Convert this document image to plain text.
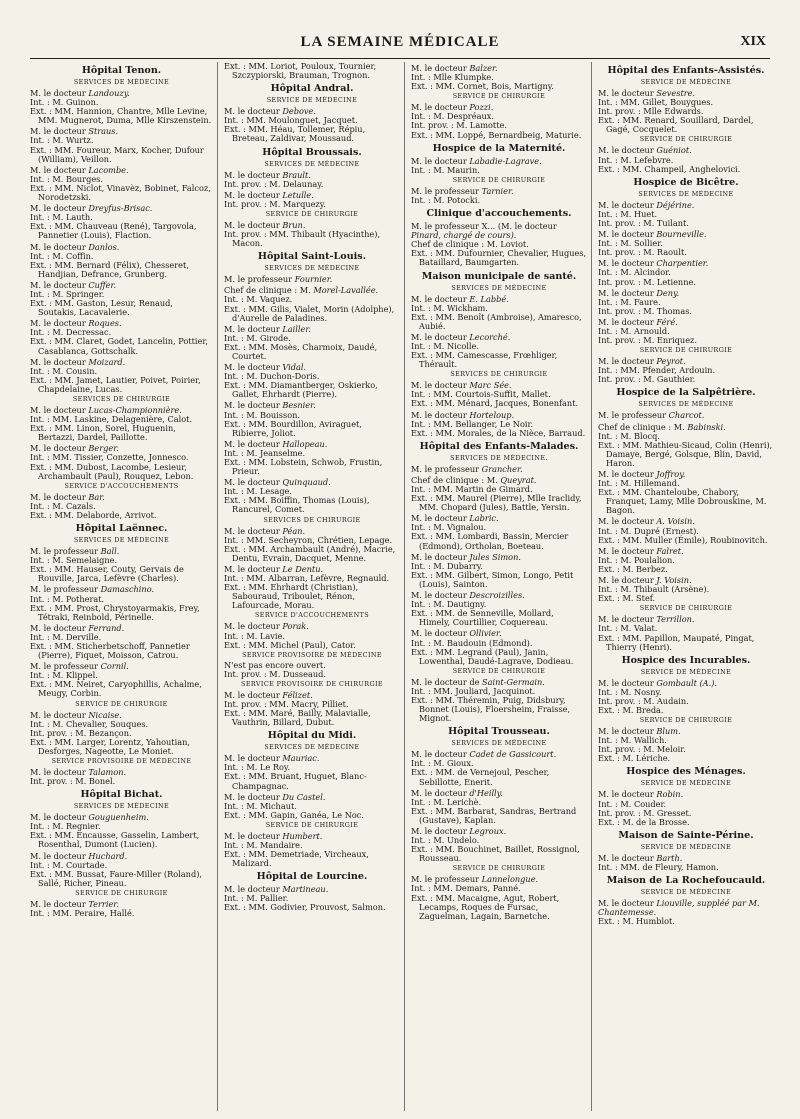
LA SEMAINE MÉDICALE	XIX
Hôpital Tenon.
SERVICES DE MÉDECINE
M. le docteur Landouzy.
Int. : M. Guinon.
Ext. : MM. Hannion, Chantre, Mlle Levine, MM. Mugnerot, Duma, Mlle Kirszenstein.
M. le docteur Straus.
Int. : M. Wurtz.
Ext. : MM. Foureur, Marx, Kocher, Dufour (William), Veillon.
M. le docteur Lacombe.
Int. : M. Bourges.
Ext. : MM. Niclot, Vinavèz, Bobinet, Falcoz, Norodetzski.
M. le docteur Dreyfus-Brisac.
Int. : M. Lauth.
Ext. : MM. Chauveau (René), Targovola, Pannetier (Louis), Flaction.
M. le docteur Danlos.
Int. : M. Coffin.
Ext. : MM. Bernard (Félix), Chesseret, Handjian, Defrance, Grunberg.
M. le docteur Cuffer.
Int. : M. Springer.
Ext. : MM. Gaston, Lesur, Renaud, Soutakis, Lacavalerie.
M. le docteur Roques.
Int. : M. Decressac.
Ext. : MM. Claret, Godet, Lancelin, Pottier, Casablanca, Gottschalk.
M. le docteur Moizard.
Int. : M. Cousin.
Ext. : MM. Jamet, Lautier, Poivet, Poirier, Chapdelaine, Lucas.
SERVICES DE CHIRURGIE
M. le docteur Lucas-Championnière.
Int. : MM. Laskine, Delagenière, Calot.
Ext. : MM. Linon, Sorel, Huguenin, Bertazzi, Dardel, Paillotte.
M. le docteur Berger.
Int. : MM. Tissier, Conzette, Jonnesco.
Ext. : MM. Dubost, Lacombe, Lesieur, Archambault (Paul), Rouquez, Lebon.
SERVICE D'ACCOUCHEMENTS
M. le docteur Bar.
Int. : M. Cazals.
Ext. : MM. Delaborde, Arrivot.
Hôpital Laënnec.
SERVICES DE MÉDECINE
M. le professeur Ball.
Int. : M. Semelaigne.
Ext. : MM. Hauser, Couty, Gervais de Rouville, Jarca, Lefèvre (Charles).
M. le professeur Damaschino.
Int. : M. Potherat.
Ext. : MM. Prost, Chrystoyarmakis, Frey, Tétraki, Reinbold, Périnelle.
M. le docteur Ferrand.
Int. : M. Derville.
Ext. : MM. Sticherbetschoff, Pannetier (Pierre), Fiquet, Moisson, Catrou.
M. le professeur Cornil.
Int. : M. Klippel.
Ext. : MM. Neiret, Caryophillis, Achalme, Meugy, Corbin.
SERVICE DE CHIRURGIE
M. le docteur Nicaise.
Int. : M. Chevalier, Souques.
Int. prov. : M. Bezançon.
Ext. : MM. Larger, Lorentz, Yahoutian, Desforges, Nageotte, Le Moniet.
SERVICE PROVISOIRE DE MÉDECINE
M. le docteur Talamon.
Int. prov. : M. Bonel.
Hôpital Bichat.
SERVICES DE MÉDECINE
M. le docteur Gouguenheim.
Int. : M. Regnier.
Ext. : MM. Encausse, Gasselin, Lambert, Rosenthal, Dumont (Lucien).
M. le docteur Huchard.
Int. : M. Courtade.
Ext. : MM. Bussat, Faure-Miller (Roland), Sallé, Richer, Pineau.
SERVICE DE CHIRURGIE
M. le docteur Terrier.
Int. : MM. Peraire, Hallé.
Ext. : MM. Loriot, Pouloux, Tournier, Szczypiorski, Brauman, Trognon.
Hôpital Andral.
SERVICE DE MÉDECINE
M. le docteur Debove.
Int. : MM. Moulonguet, Jacquet.
Ext. : MM. Héau, Tollemer, Répiu, Breteau, Zaldivar, Moussaud.
Hôpital Broussais.
SERVICES DE MÉDECINE
M. le docteur Brault.
Int. prov. : M. Delaunay.
M. le docteur Letulle.
Int. prov. : M. Marquezy.
SERVICE DE CHIRURGIE
M. le docteur Brun.
Int. prov. : MM. Thibault (Hyacinthe), Macon.
Hôpital Saint-Louis.
SERVICES DE MÉDECINE
M. le professeur Fournier.
Chef de clinique : M. Morel-Lavallée.
Int. : M. Vaquez.
Ext. : MM. Gilis, Vialet, Morin (Adolphe), d'Aurelle de Paladines.
M. le docteur Lailler.
Int. : M. Girode.
Ext. : MM. Mosès, Charmoix, Daudé, Courtet.
M. le docteur Vidal.
Int. : M. Duchon-Doris.
Ext. : MM. Diamantberger, Oskierko, Gallet, Ehrhardt (Pierre).
M. le docteur Besnier.
Int. : M. Bouisson.
Ext. : MM. Bourdillon, Aviraguet, Ribierre, Joliot.
M. le docteur Hallopeau.
Int. : M. Jeanselme.
Ext. : MM. Lobstein, Schwob, Frustin, Prieur.
M. le docteur Quinquaud.
Int. : M. Lesage.
Ext. : MM. Boiffin, Thomas (Louis), Rancurel, Comet.
SERVICES DE CHIRURGIE
M. le docteur Péan.
Int. : MM. Secheyron, Chrétien, Lepage.
Ext. : MM. Archambault (André), Macrie, Dentu, Evrain, Dacquet, Menne.
M. le docteur Le Dentu.
Int. : MM. Albarran, Lefèvre, Regnauld.
Ext. : MM. Ehrhardt (Christian), Sabouraud, Triboulet, Rénon, Lafourcade, Morau.
SERVICE D'ACCOUCHEMENTS
M. le docteur Porak.
Int. : M. Lavie.
Ext. : MM. Michel (Paul), Cator.
SERVICE PROVISOIRE DE MÉDECINE
N'est pas encore ouvert.
Int. prov. : M. Dusseaud.
SERVICE PROVISOIRE DE CHIRURGIE
M. le docteur Félizet.
Int. prov. : MM. Macry, Pilliet.
Ext. : MM. Maré, Bailly, Malavialle, Vauthrin, Billard, Dubut.
Hôpital du Midi.
SERVICES DE MÉDECINE
M. le docteur Mauriac.
Int. : M. Le Roy.
Ext. : MM. Bruant, Huguet, Blanc-Champagnac.
M. le docteur Du Castel.
Int. : M. Michaut.
Ext. : MM. Gapin, Ganéa, Le Noc.
SERVICE DE CHIRURGIE
M. le docteur Humbert.
Int. : M. Mandaire.
Ext. : MM. Demetriade, Vircheaux, Malizard.
Hôpital de Lourcine.
M. le docteur Martineau.
Int. : M. Pallier.
Ext. : MM. Godivier, Prouvost, Salmon.
M. le docteur Balzer.
Int. : Mlle Klumpke.
Ext. : MM. Cornet, Bois, Martigny.
SERVICE DE CHIRURGIE
M. le docteur Pozzi.
Int. : M. Despréaux.
Int. prov. : M. Lamotte.
Ext. : MM. Loppé, Bernardbeig, Maturie.
Hospice de la Maternité.
M. le docteur Labadie-Lagrave.
Int. : M. Maurin.
SERVICE DE CHIRURGIE
M. le professeur Tarnier.
Int. : M. Potocki.
Clinique d'accouchements.
M. le professeur X... (M. le docteur Pinard, chargé de cours).
Chef de clinique : M. Loviot.
Ext. : MM. Dufournier, Chevalier, Hugues, Bataillard, Baumgarten.
Maison municipale de santé.
SERVICES DE MÉDECINE
M. le docteur E. Labbé.
Int. : M. Wickham.
Ext. : MM. Benoît (Ambroise), Amaresco, Aubié.
M. le docteur Lecorché.
Int. : M. Nicolle.
Ext. : MM. Camescasse, Frœhliger, Thérault.
SERVICES DE CHIRURGIE
M. le docteur Marc Sée.
Int. : MM. Courtois-Suffit, Mallet.
Ext. : MM. Ménard, Jacques, Bonenfant.
M. le docteur Horteloup.
Int. : MM. Bellanger, Le Noir.
Ext. : MM. Morales, de la Nièce, Barraud.
Hôpital des Enfants-Malades.
SERVICES DE MÉDECINE.
M. le professeur Grancher.
Chef de clinique : M. Queyrat.
Int. : MM. Martin de Gimard.
Ext. : MM. Maurel (Pierre), Mlle Iraclidy, MM. Chopard (Jules), Battle, Yersin.
M. le docteur Labric.
Int. : M. Vignalou.
Ext. : MM. Lombardi, Bassin, Mercier (Edmond), Ortholan, Boeteau.
M. le docteur Jules Simon.
Int. : M. Dubarry.
Ext. : MM. Gilbert, Simon, Longo, Petit (Louis), Sainton.
M. le docteur Descroizilles.
Int. : M. Dautigny.
Ext. : MM. de Senneville, Mollard, Himely, Courtillier, Coquereau.
M. le docteur Ollivier.
Int. : M. Baudouin (Edmond).
Ext. : MM. Legrand (Paul), Janin, Lowenthal, Daudé-Lagrave, Dodieau.
SERVICE DE CHIRURGIE
M. le docteur de Saint-Germain.
Int. : MM. Jouliard, Jacquinot.
Ext. : MM. Théremin, Puig, Didsbury, Bonnet (Louis), Floersheim, Fraisse, Mignot.
Hôpital Trousseau.
SERVICES DE MÉDECINE
M. le docteur Cadet de Gassicourt.
Int. : M. Gioux.
Ext. : MM. de Vernejoul, Pescher, Sebillotte, Enerit.
M. le docteur d'Heilly.
Int. : M. Lerichè.
Ext. : MM. Barbarat, Sandras, Bertrand (Gustave), Kaplan.
M. le docteur Legroux.
Int. : M. Undelo.
Ext. : MM. Bouchinet, Baillet, Rossignol, Rousseau.
SERVICE DE CHIRURGIE
M. le professeur Lannelongue.
Int. : MM. Demars, Panné.
Ext. : MM. Macaigne, Agut, Robert, Lecamps, Roques de Fursac, Zaguelman, Lagain, Barnetche.
Hôpital des Enfants-Assistés.
SERVICE DE MÉDECINE
M. le docteur Sevestre.
Int. : MM. Gillet, Bouygues.
Int. prov. : Mlle Edwards.
Ext. : MM. Renard, Souillard, Dardel, Gagé, Cocquelet.
SERVICE DE CHIRURGIE
M. le docteur Guéniot.
Int. : M. Lefebvre.
Ext. : MM. Champeil, Anghelovici.
Hospice de Bicêtre.
SERVICES DE MÉDECINE
M. le docteur Déjérine.
Int. : M. Huet.
Int. prov. : M. Tuilant.
M. le docteur Bourneville.
Int. : M. Sollier.
Int. prov. : M. Raoult.
M. le docteur Charpentier.
Int. : M. Alcindor.
Int. prov. : M. Letienne.
M. le docteur Deny.
Int. : M. Faure.
Int. prov. : M. Thomas.
M. le docteur Féré.
Int. : M. Arnould.
Int. prov. : M. Enriquez.
SERVICE DE CHIRURGIE
M. le docteur Peyrot.
Int. : MM. Pfender, Ardouin.
Int. prov. : M. Gauthier.
Hospice de la Salpêtrière.
SERVICES DE MÉDECINE
M. le professeur Charcot.
Chef de clinique : M. Babinski.
Int. : M. Blocq.
Ext. : MM. Mathieu-Sicaud, Colin (Henri), Damaye, Bergé, Golsque, Blin, David, Haron.
M. le docteur Joffroy.
Int. : M. Hillemand.
Ext. : MM. Chanteloube, Chabory, Franquet, Lamy, Mlle Dobrouskine, M. Bagon.
M. le docteur A. Voisin.
Int. : M. Dupré (Ernest).
Ext. : MM. Muller (Émile), Roubinovitch.
M. le docteur Falret.
Int. : M. Poulalion.
Ext. : M. Berbez.
M. le docteur J. Voisin.
Int. : M. Thibault (Arsène).
Ext. : M. Stef.
SERVICE DE CHIRURGIE
M. le docteur Terrillon.
Int. : M. Valat.
Ext. : MM. Papillon, Maupaté, Pingat, Thierry (Henri).
Hospice des Incurables.
SERVICE DE MÉDECINE
M. le docteur Gombault (A.).
Int. : M. Nosny.
Int. prov. : M. Audain.
Ext. : M. Breda.
SERVICE DE CHIRURGIE
M. le docteur Blum.
Int. : M. Wallich.
Int. prov. : M. Meloir.
Ext. : M. Lériche.
Hospice des Ménages.
SERVICE DE MÉDECINE
M. le docteur Robin.
Int. : M. Couder.
Int. prov. : M. Gresset.
Ext. : M. de la Brosse.
Maison de Sainte-Périne.
SERVICE DE MÉDECINE
M. le docteur Barth.
Int. : MM. de Fleury, Hamon.
Maison de La Rochefoucauld.
SERVICE DE MÉDECINE
M. le docteur Liouville, suppléé par M. Chantemesse.
Ext. : M. Humblot.
